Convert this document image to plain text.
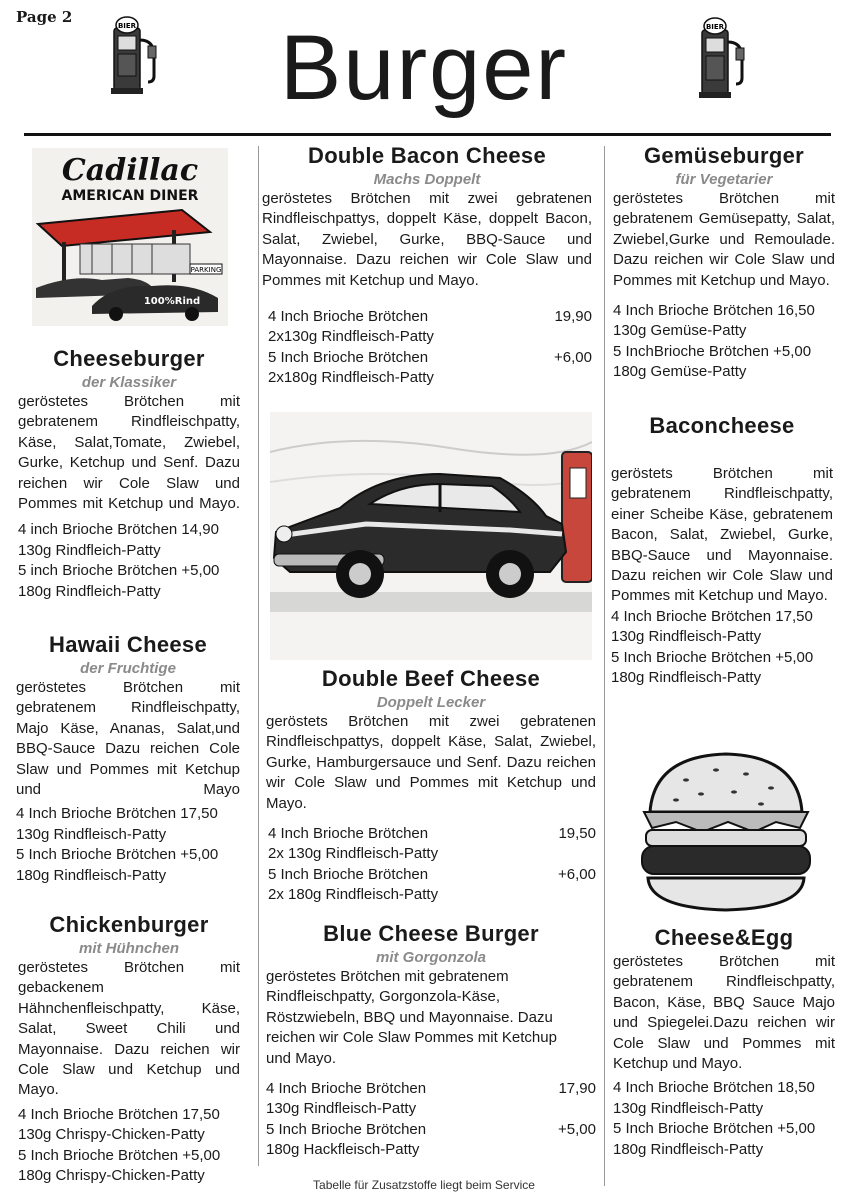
Page 2	Burger
BIER	BIER
Cadillac
AMERICAN DINER
PARKING
100%Rind
Cheeseburger
der Klassiker
geröstetes Brötchen mit gebratenem Rindfleischpatty, Käse, Salat,Tomate, Zwiebel, Gurke, Ketchup und Senf. Dazu reichen wir Cole Slaw und Pommes mit Ketchup und Mayo.
4 inch Brioche Brötchen 14,90
130g Rindfleich-Patty
5 inch Brioche Brötchen +5,00
180g Rindfleich-Patty
Hawaii Cheese
der Fruchtige
geröstetes Brötchen mit gebratenem Rindfleischpatty, Majo Käse, Ananas, Salat,und BBQ-Sauce Dazu reichen Cole Slaw und Pommes mit Ketchup und Mayo
4 Inch Brioche Brötchen 17,50
130g Rindfleisch-Patty
5 Inch Brioche Brötchen +5,00
180g Rindfleisch-Patty
Chickenburger
mit Hühnchen
geröstetes Brötchen mit gebackenem Hähnchenfleischpatty, Käse, Salat, Sweet Chili und Mayonnaise. Dazu reichen wir Cole Slaw und Ketchup und Mayo.
4 Inch Brioche Brötchen 17,50
130g Chrispy-Chicken-Patty
5 Inch Brioche Brötchen +5,00
180g Chrispy-Chicken-Patty
Double Bacon Cheese
Machs Doppelt
geröstetes Brötchen mit zwei gebratenen Rindfleischpattys, doppelt Käse, doppelt Bacon, Salat, Zwiebel, Gurke, BBQ-Sauce und Mayonnaise. Dazu reichen wir Cole Slaw und Pommes mit Ketchup und Mayo.
4 Inch Brioche Brötchen	19,90
2x130g Rindfleisch-Patty
5 Inch Brioche Brötchen	+6,00
2x180g Rindfleisch-Patty
Double Beef Cheese
Doppelt Lecker
geröstets Brötchen mit zwei gebratenen Rindfleischpattys, doppelt Käse, Salat, Zwiebel, Gurke, Hamburgersauce und Senf. Dazu reichen wir Cole Slaw und Pommes mit Ketchup und Mayo.
4 Inch Brioche Brötchen	19,50
2x 130g Rindfleisch-Patty
5 Inch Brioche Brötchen	+6,00
2x 180g Rindfleisch-Patty
Blue Cheese Burger
mit Gorgonzola
geröstetes Brötchen mit gebratenem Rindfleischpatty, Gorgonzola-Käse, Röstzwiebeln, BBQ und Mayonnaise. Dazu reichen wir Cole Slaw Pommes mit Ketchup und Mayo.
4 Inch Brioche Brötchen	17,90
130g Rindfleisch-Patty
5 Inch Brioche Brötchen	+5,00
180g Hackfleisch-Patty
Gemüseburger
für Vegetarier
geröstetes Brötchen mit gebratenem Gemüsepatty, Salat, Zwiebel,Gurke und Remoulade. Dazu reichen wir Cole Slaw und Pommes mit Ketchup und Mayo.
4 Inch Brioche Brötchen 16,50
130g Gemüse-Patty
5 InchBrioche Brötchen +5,00
180g Gemüse-Patty
Baconcheese
geröstets Brötchen mit gebratenem Rindfleischpatty, einer Scheibe Käse, gebratenem Bacon, Salat, Zwiebel, Gurke, BBQ-Sauce und Mayonnaise. Dazu reichen wir Cole Slaw und Pommes mit Ketchup und Mayo.
4 Inch Brioche Brötchen 17,50
130g Rindfleisch-Patty
5 Inch Brioche Brötchen +5,00
180g Rindfleisch-Patty
Cheese&Egg
geröstetes Brötchen mit gebratenem Rindfleischpatty, Bacon, Käse, BBQ Sauce Majo und Spiegelei.Dazu reichen wir Cole Slaw und Pommes mit Ketchup und Mayo.
4 Inch Brioche Brötchen 18,50
130g Rindfleisch-Patty
5 Inch Brioche Brötchen +5,00
180g Rindfleisch-Patty
Tabelle für Zusatzstoffe liegt beim Service
